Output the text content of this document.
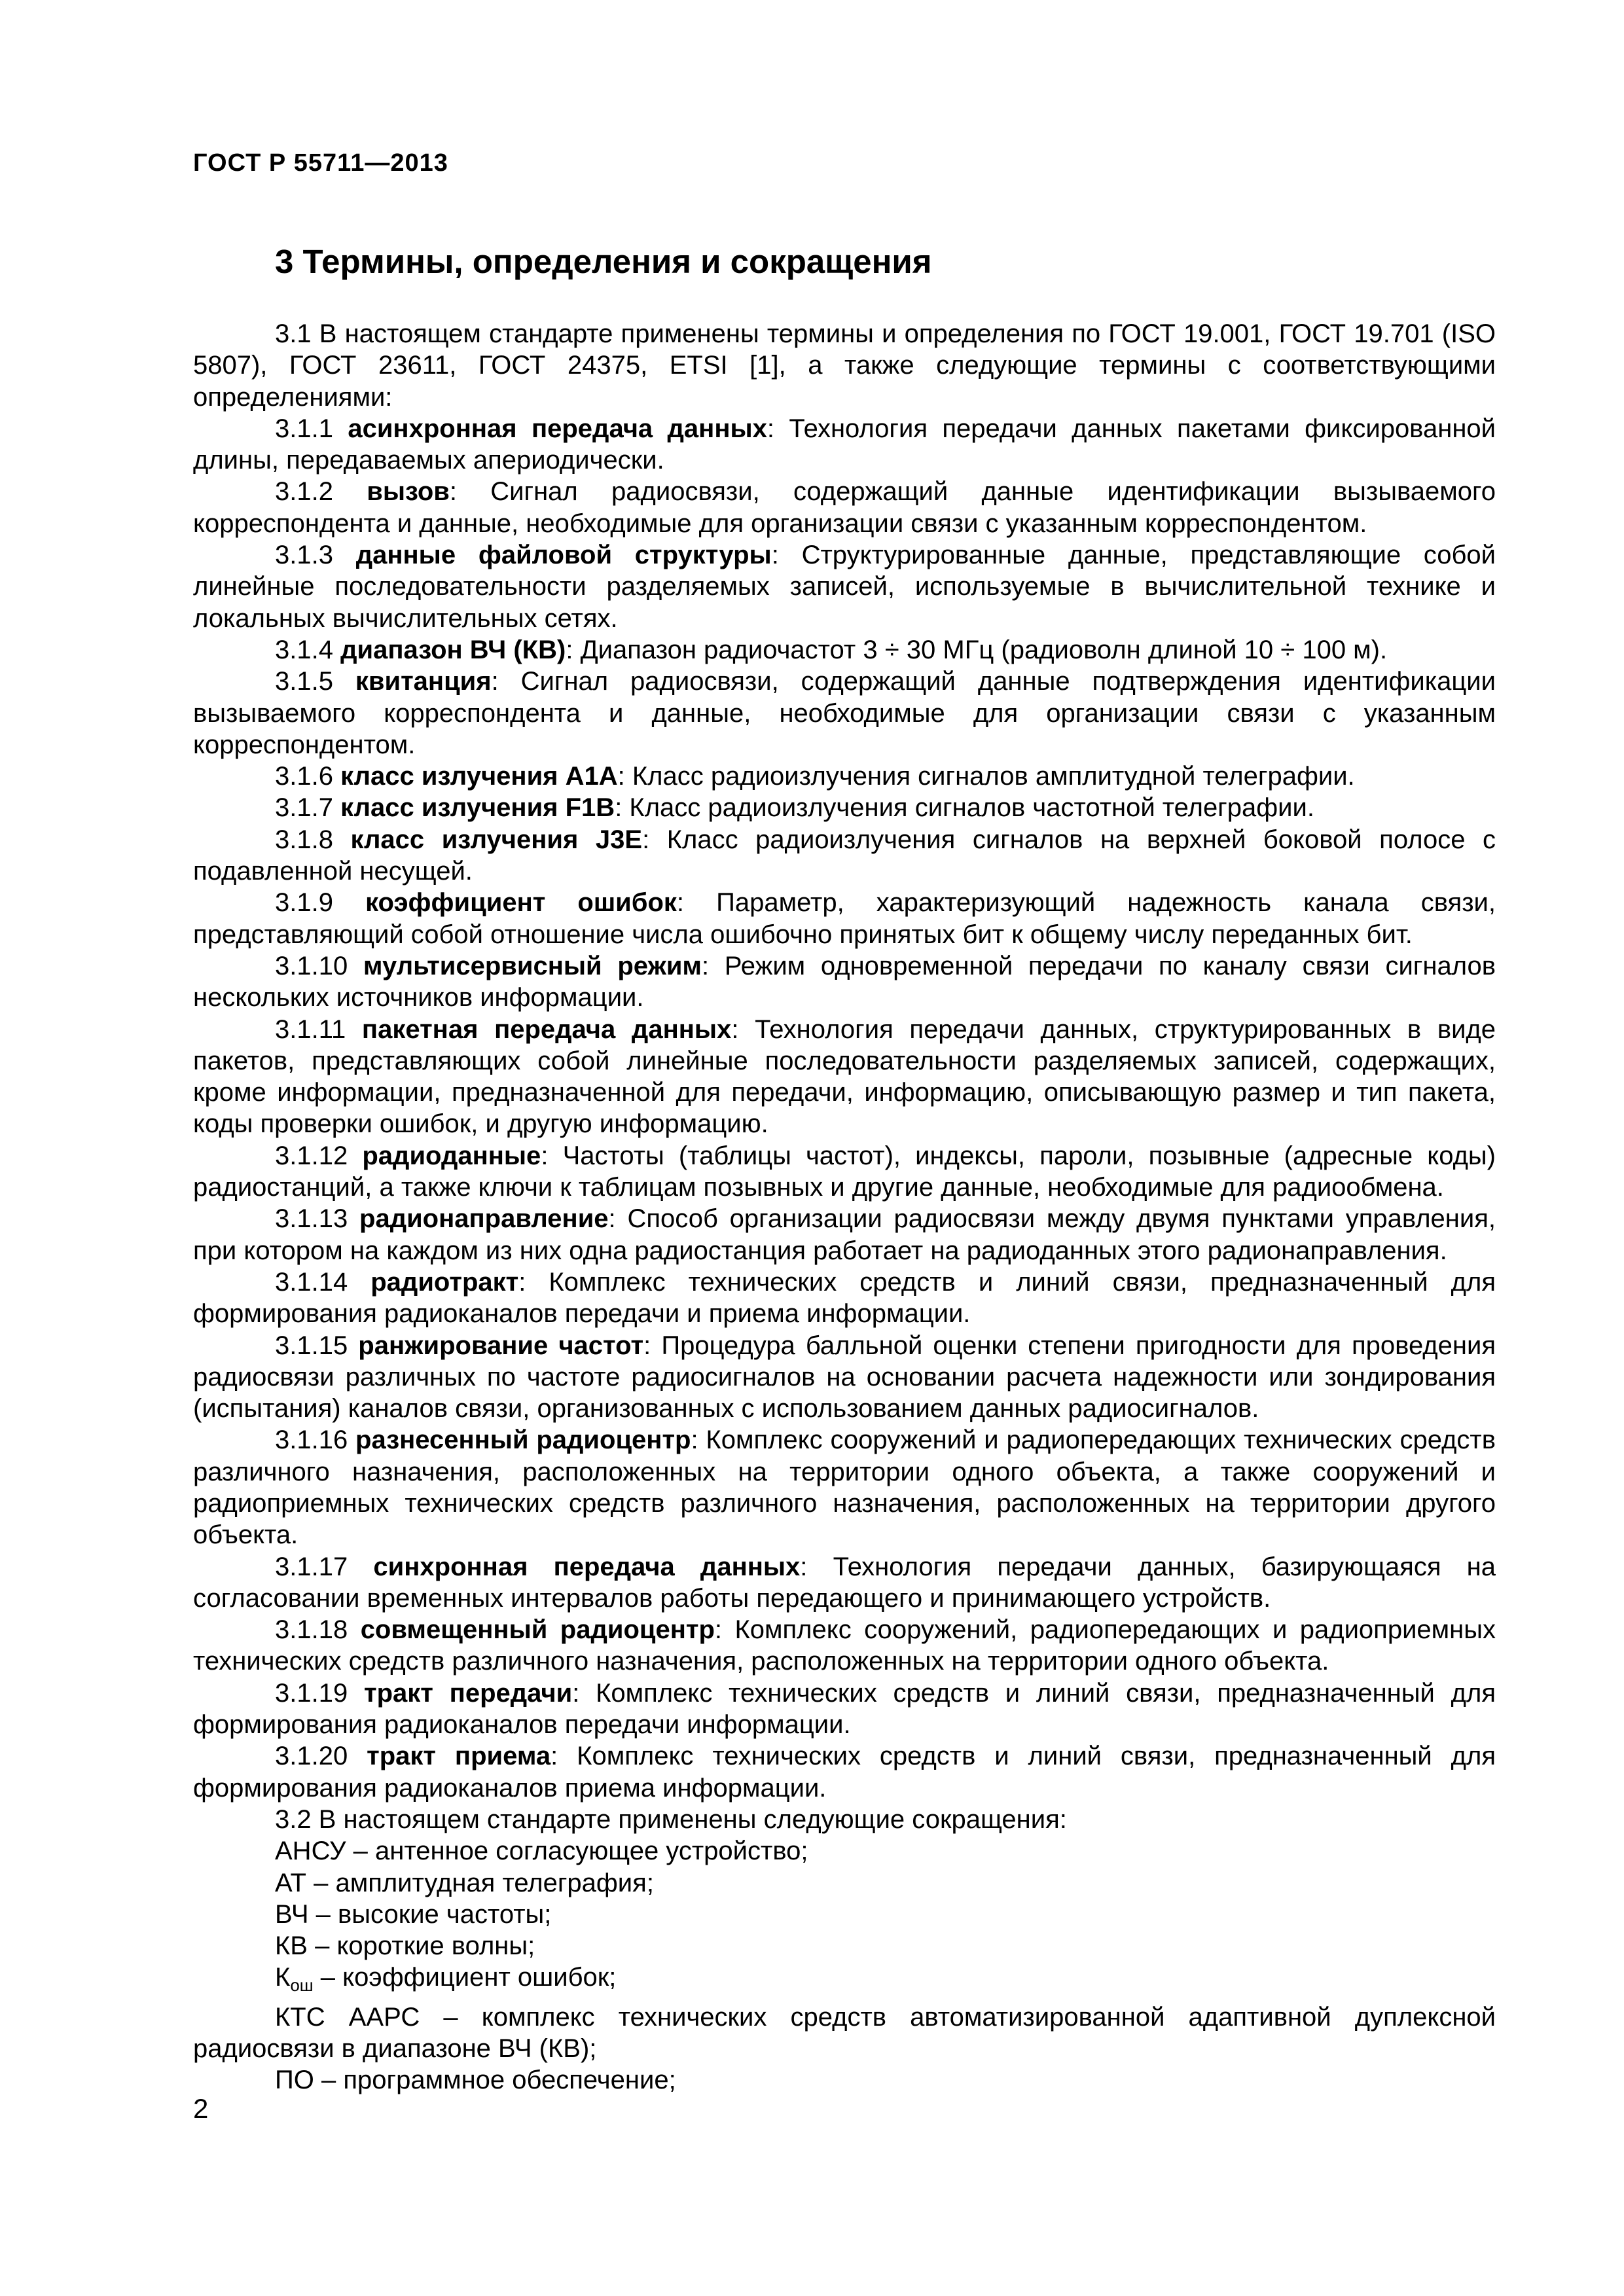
ГОСТ Р 55711—2013
3 Термины, определения и сокращения

3.1 В настоящем стандарте применены термины и определения по ГОСТ 19.001, ГОСТ 19.701 (ISO 5807), ГОСТ 23611, ГОСТ 24375, ETSI [1], а также следующие термины с соответствующими определениями:

3.1.1 асинхронная передача данных: Технология передачи данных пакетами фиксированной длины, передаваемых апериодически.

3.1.2 вызов: Сигнал радиосвязи, содержащий данные идентификации вызываемого корреспондента и данные, необходимые для организации связи с указанным корреспондентом.

3.1.3 данные файловой структуры: Структурированные данные, представляющие собой линейные последовательности разделяемых записей, используемые в вычислительной технике и локальных вычислительных сетях.

3.1.4 диапазон ВЧ (КВ): Диапазон радиочастот 3 ÷ 30 МГц (радиоволн длиной 10 ÷ 100 м).

3.1.5 квитанция: Сигнал радиосвязи, содержащий данные подтверждения идентификации вызываемого корреспондента и данные, необходимые для организации связи с указанным корреспондентом.

3.1.6 класс излучения А1А: Класс радиоизлучения сигналов амплитудной телеграфии.

3.1.7 класс излучения F1B: Класс радиоизлучения сигналов частотной телеграфии.

3.1.8 класс излучения J3E: Класс радиоизлучения сигналов на верхней боковой полосе с подавленной несущей.

3.1.9 коэффициент ошибок: Параметр, характеризующий надежность канала связи, представляющий собой отношение числа ошибочно принятых бит к общему числу переданных бит.

3.1.10 мультисервисный режим: Режим одновременной передачи по каналу связи сигналов нескольких источников информации.

3.1.11 пакетная передача данных: Технология передачи данных, структурированных в виде пакетов, представляющих собой линейные последовательности разделяемых записей, содержащих, кроме информации, предназначенной для передачи, информацию, описывающую размер и тип пакета, коды проверки ошибок, и другую информацию.

3.1.12 радиоданные: Частоты (таблицы частот), индексы, пароли, позывные (адресные коды) радиостанций, а также ключи к таблицам позывных и другие данные, необходимые для радиообмена.

3.1.13 радионаправление: Способ организации радиосвязи между двумя пунктами управления, при котором на каждом из них одна радиостанция работает на радиоданных этого радионаправления.

3.1.14 радиотракт: Комплекс технических средств и линий связи, предназначенный для формирования радиоканалов передачи и приема информации.

3.1.15 ранжирование частот: Процедура балльной оценки степени пригодности для проведения радиосвязи различных по частоте радиосигналов на основании расчета надежности или зондирования (испытания) каналов связи, организованных с использованием данных радиосигналов.

3.1.16 разнесенный радиоцентр: Комплекс сооружений и радиопередающих технических средств различного назначения, расположенных на территории одного объекта, а также сооружений и радиоприемных технических средств различного назначения, расположенных на территории другого объекта.

3.1.17 синхронная передача данных: Технология передачи данных, базирующаяся на согласовании временных интервалов работы передающего и принимающего устройств.

3.1.18 совмещенный радиоцентр: Комплекс сооружений, радиопередающих и радиоприемных технических средств различного назначения, расположенных на территории одного объекта.

3.1.19 тракт передачи: Комплекс технических средств и линий связи, предназначенный для формирования радиоканалов передачи информации.

3.1.20 тракт приема: Комплекс технических средств и линий связи, предназначенный для формирования радиоканалов приема информации.

3.2 В настоящем стандарте применены следующие сокращения:

АНСУ – антенное согласующее устройство;

АТ – амплитудная телеграфия;

ВЧ – высокие частоты;

КВ – короткие волны;

$К_{ош}$ – коэффициент ошибок;

КТС ААРС – комплекс технических средств автоматизированной адаптивной дуплексной радиосвязи в диапазоне ВЧ (КВ);

ПО – программное обеспечение;

2
